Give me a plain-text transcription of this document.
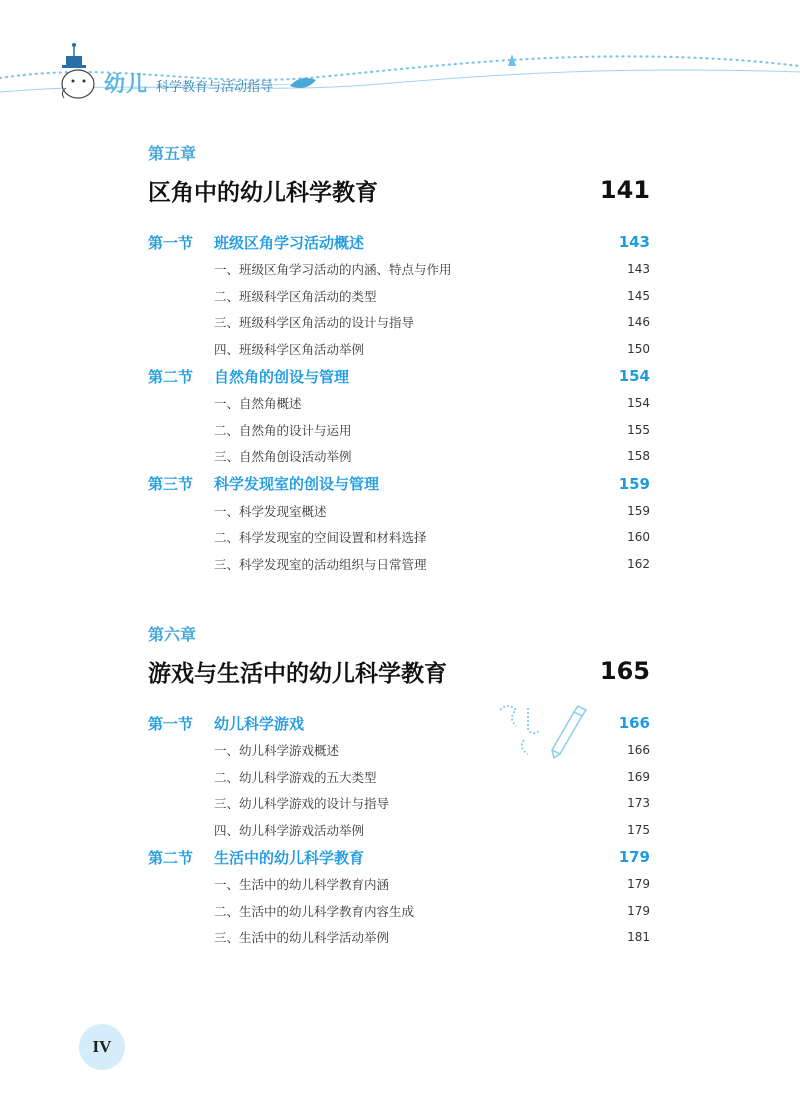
幼儿 科学教育与活动指导
第五章
区角中的幼儿科学教育	141
第一节 班级区角学习活动概述	143
一、班级区角学习活动的内涵、特点与作用	143
二、班级科学区角活动的类型	145
三、班级科学区角活动的设计与指导	146
四、班级科学区角活动举例	150
第二节 自然角的创设与管理	154
一、自然角概述	154
二、自然角的设计与运用	155
三、自然角创设活动举例	158
第三节 科学发现室的创设与管理	159
一、科学发现室概述	159
二、科学发现室的空间设置和材料选择	160
三、科学发现室的活动组织与日常管理	162
第六章
游戏与生活中的幼儿科学教育	165
第一节 幼儿科学游戏	166
一、幼儿科学游戏概述	166
二、幼儿科学游戏的五大类型	169
三、幼儿科学游戏的设计与指导	173
四、幼儿科学游戏活动举例	175
第二节 生活中的幼儿科学教育	179
一、生活中的幼儿科学教育内涵	179
二、生活中的幼儿科学教育内容生成	179
三、生活中的幼儿科学活动举例	181
IV
